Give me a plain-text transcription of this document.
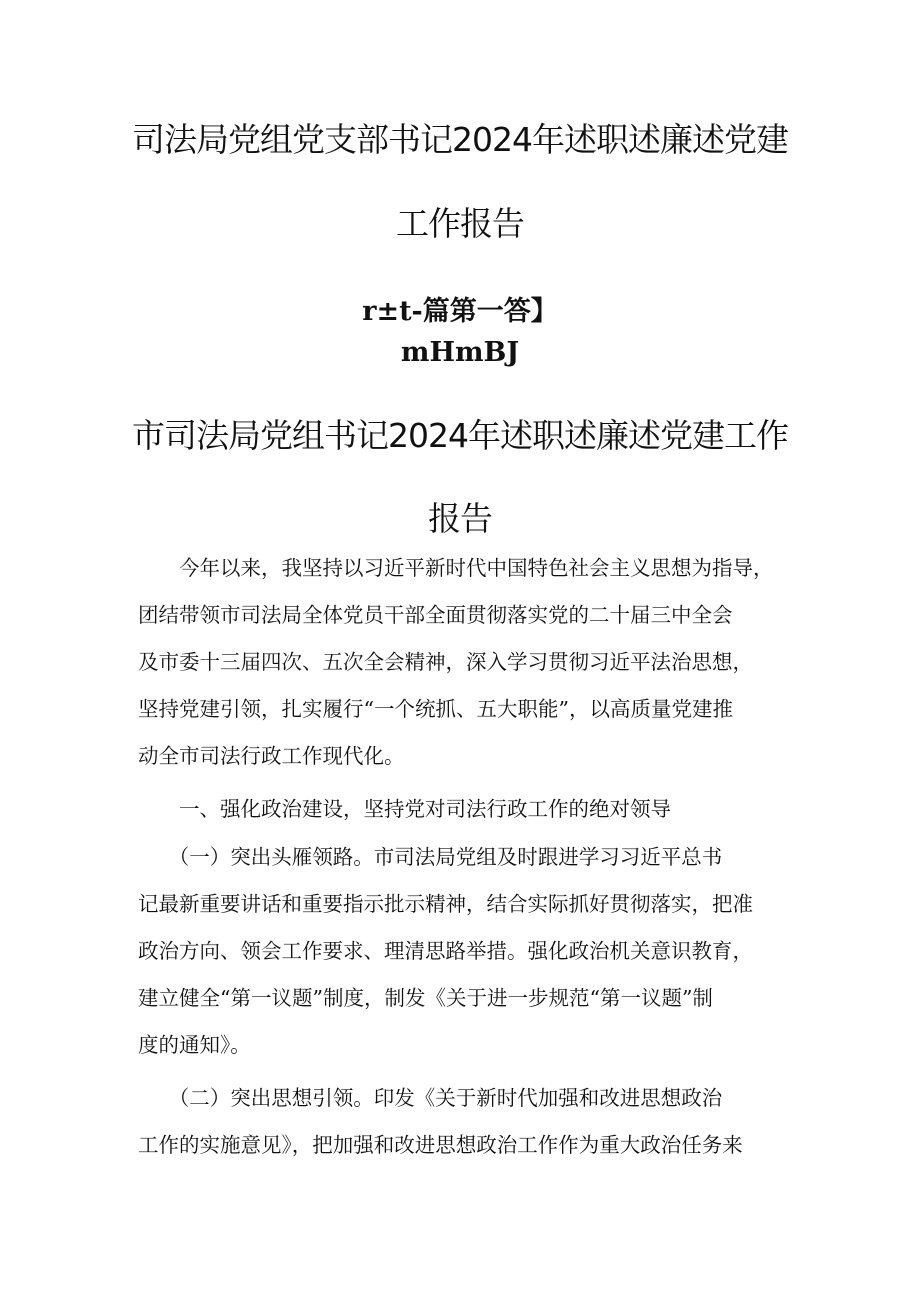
司法局党组党支部书记2024年述职述廉述党建
工作报告
r±t-篇第一答】
mHmBJ
市司法局党组书记2024年述职述廉述党建工作
报告
　　今年以来，我坚持以习近平新时代中国特色社会主义思想为指导，
团结带领市司法局全体党员干部全面贯彻落实党的二十届三中全会
及市委十三届四次、五次全会精神，深入学习贯彻习近平法治思想，
坚持党建引领，扎实履行“一个统抓、五大职能”，以高质量党建推
动全市司法行政工作现代化。
　　一、强化政治建设，坚持党对司法行政工作的绝对领导
　　（一）突出头雁领路。市司法局党组及时跟进学习习近平总书
记最新重要讲话和重要指示批示精神，结合实际抓好贯彻落实，把准
政治方向、领会工作要求、理清思路举措。强化政治机关意识教育，
建立健全“第一议题”制度，制发《关于进一步规范“第一议题”制
度的通知》。
　　（二）突出思想引领。印发《关于新时代加强和改进思想政治
工作的实施意见》，把加强和改进思想政治工作作为重大政治任务来
